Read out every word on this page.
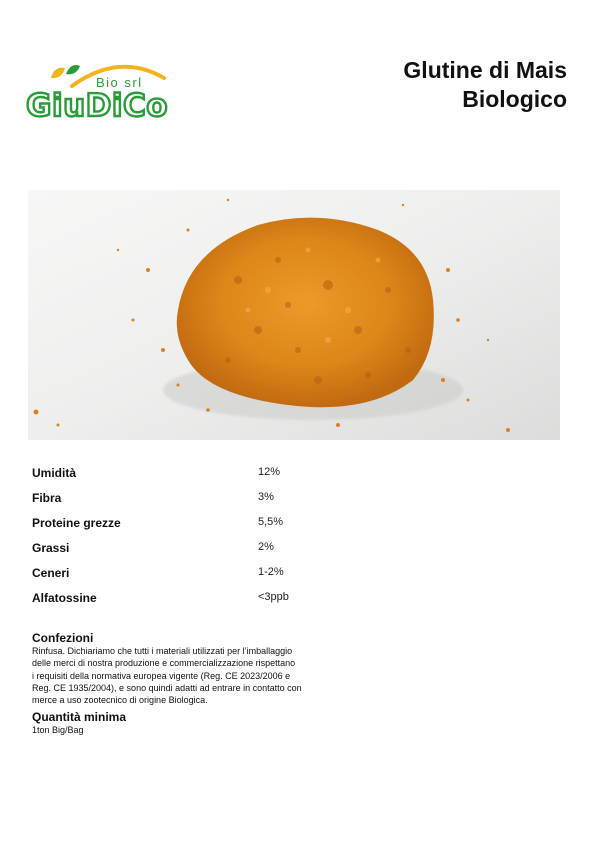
Bio srl
GiuDiCo
Glutine di Mais
Biologico
Umidità	12%
Fibra	3%
Proteine grezze	5,5%
Grassi	2%
Ceneri	1-2%
Alfatossine	<3ppb
Confezioni
Rinfusa. Dichiariamo che tutti i materiali utilizzati per l’imballaggio
delle merci di nostra produzione e commercializzazione rispettano
i requisiti della normativa europea vigente (Reg. CE 2023/2006 e
Reg. CE 1935/2004), e sono quindi adatti ad entrare in contatto con
merce a uso zootecnico di origine Biologica.
Quantità minima
1ton Big/Bag
